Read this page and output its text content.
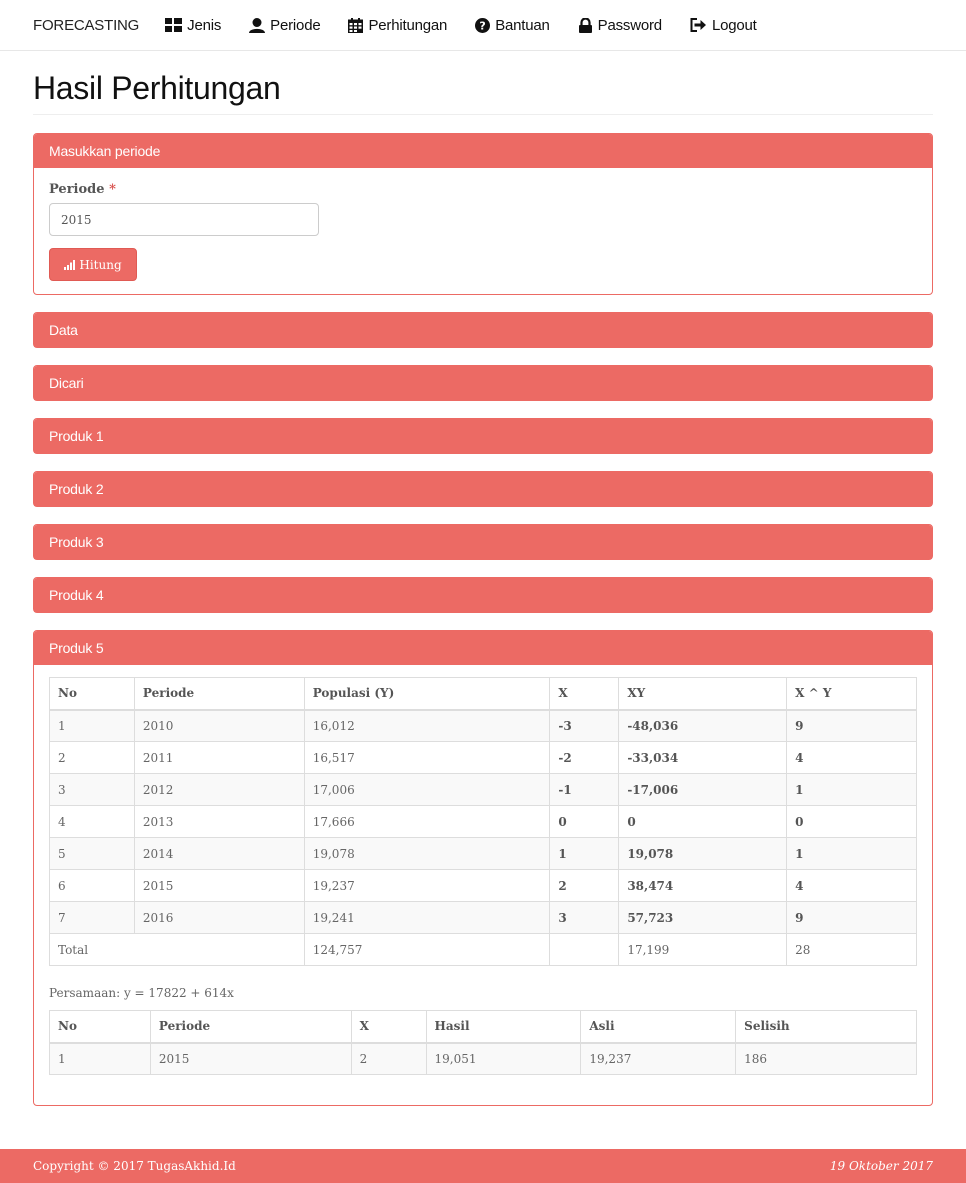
FORECASTING	Jenis	Periode	Perhitungan	? Bantuan	Password	Logout
Hasil Perhitungan
Masukkan periode
Periode *
2015
Hitung
Data
Dicari
Produk 1
Produk 2
Produk 3
Produk 4
Produk 5
No	Periode	Populasi (Y)	X	XY	X ^ Y
1	2010	16,012	-3	-48,036	9
2	2011	16,517	-2	-33,034	4
3	2012	17,006	-1	-17,006	1
4	2013	17,666	0	0	0
5	2014	19,078	1	19,078	1
6	2015	19,237	2	38,474	4
7	2016	19,241	3	57,723	9
Total		124,757		17,199	28
Persamaan: y = 17822 + 614x
No	Periode	X	Hasil	Asli	Selisih
1	2015	2	19,051	19,237	186
Copyright © 2017 TugasAkhid.Id	19 Oktober 2017
